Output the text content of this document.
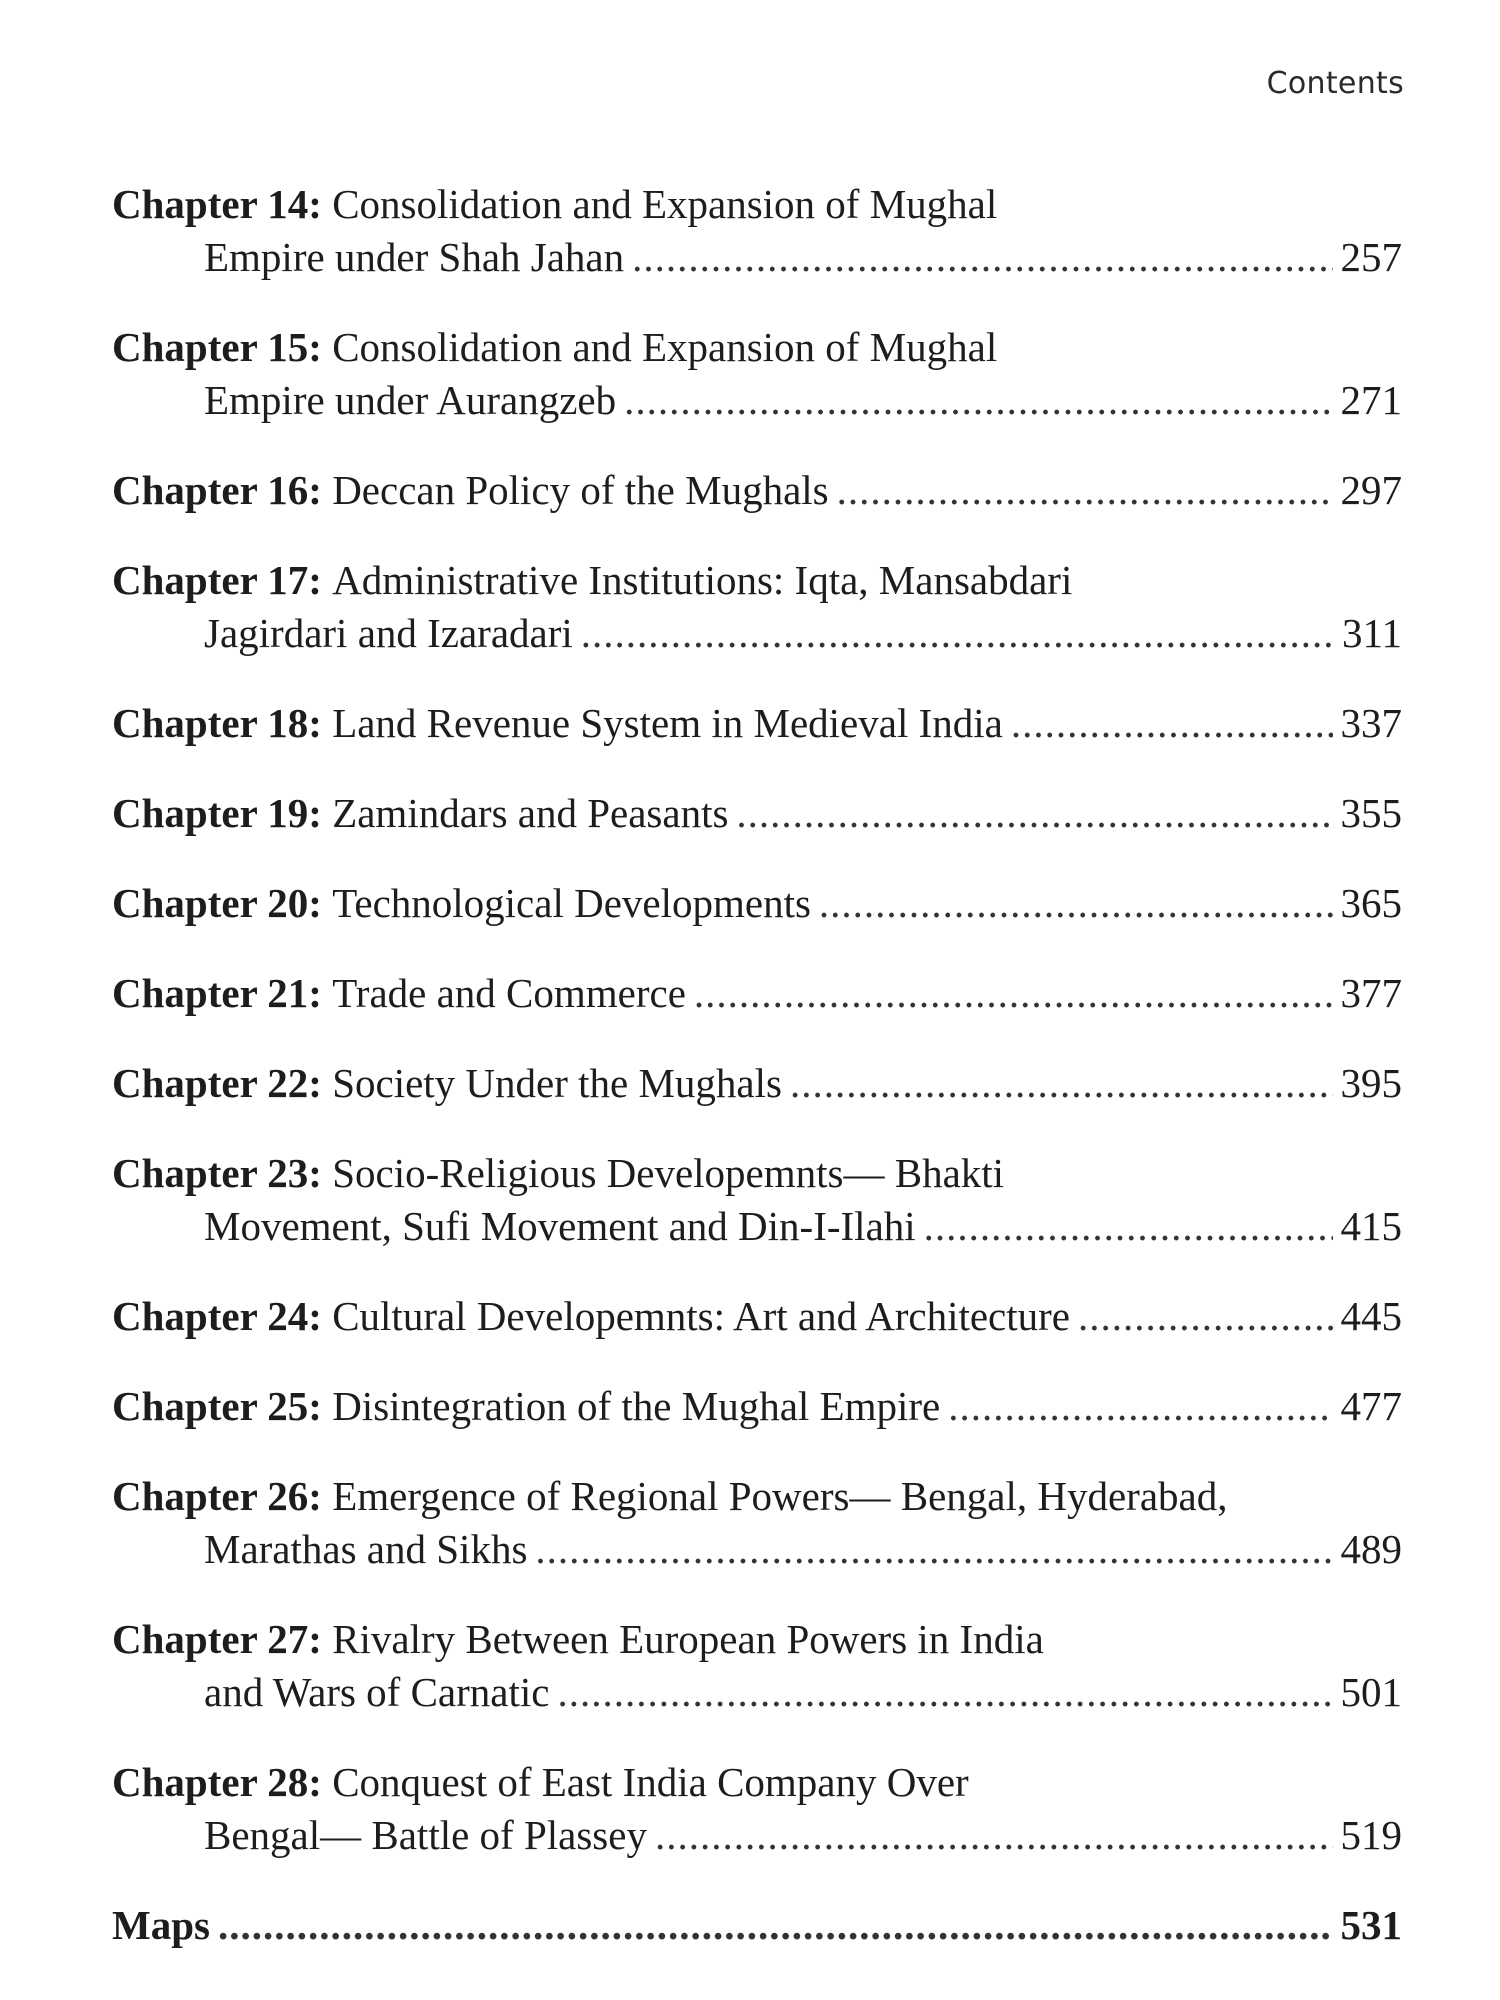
Contents
Chapter 14:
Consolidation and Expansion of Mughal
Empire under Shah Jahan .....	257
Chapter 15:
Consolidation and Expansion of Mughal
Empire under Aurangzeb .....	271
Chapter 16:
Deccan Policy of the Mughals .....	297
Chapter 17:
Administrative Institutions: Iqta, Mansabdari
Jagirdari and Izaradari .....	311
Chapter 18:
Land Revenue System in Medieval India .....	337
Chapter 19:
Zamindars and Peasants .....	355
Chapter 20:
Technological Developments .....	365
Chapter 21:
Trade and Commerce .....	377
Chapter 22:
Society Under the Mughals .....	395
Chapter 23:
Socio-Religious Developemnts— Bhakti
Movement, Sufi Movement and Din-I-Ilahi .....	415
Chapter 24:
Cultural Developemnts: Art and Architecture .....	445
Chapter 25:
Disintegration of the Mughal Empire .....	477
Chapter 26:
Emergence of Regional Powers— Bengal, Hyderabad,
Marathas and Sikhs .....	489
Chapter 27:
Rivalry Between European Powers in India
and Wars of Carnatic .....	501
Chapter 28:
Conquest of East India Company Over
Bengal— Battle of Plassey .....	519
Maps .....	531
